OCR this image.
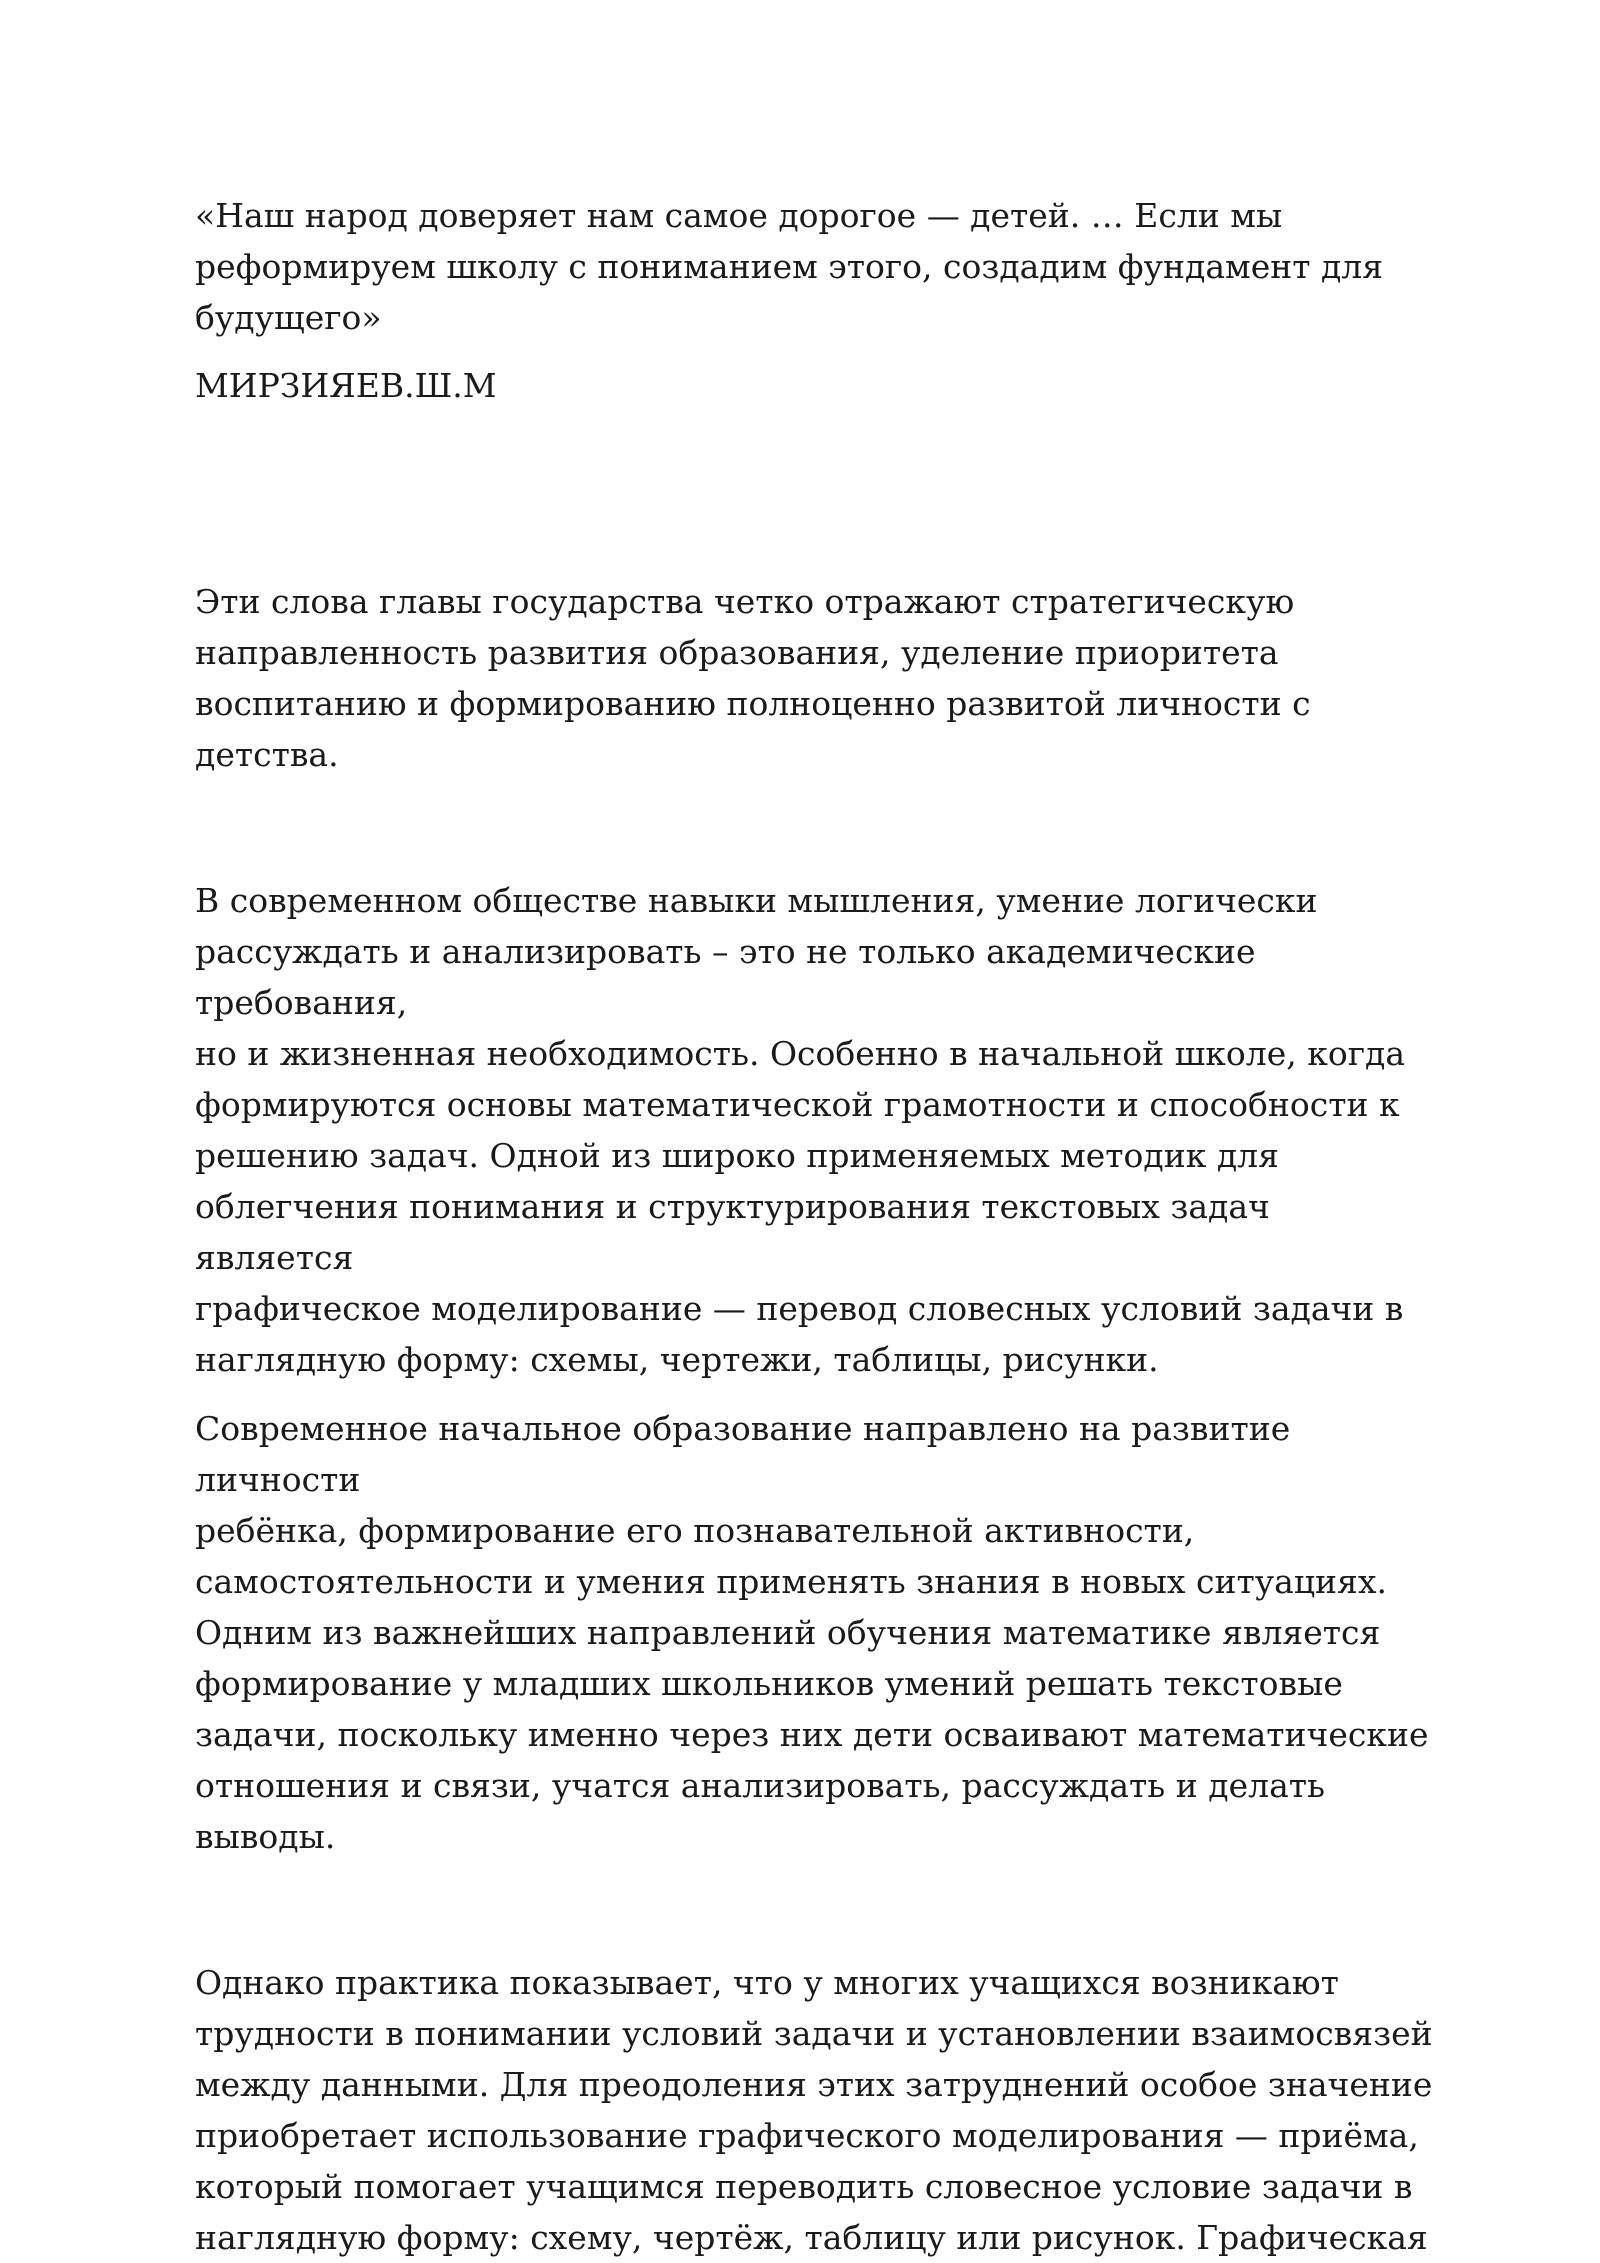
«Наш народ доверяет нам самое дорогое — детей. … Если мы
реформируем школу с пониманием этого, создадим фундамент для
будущего»

МИРЗИЯЕВ.Ш.М

Эти слова главы государства четко отражают стратегическую
направленность развития образования, уделение приоритета
воспитанию и формированию полноценно развитой личности с детства.

В современном обществе навыки мышления, умение логически
рассуждать и анализировать – это не только академические требования,
но и жизненная необходимость. Особенно в начальной школе, когда
формируются основы математической грамотности и способности к
решению задач. Одной из широко применяемых методик для
облегчения понимания и структурирования текстовых задач является
графическое моделирование — перевод словесных условий задачи в
наглядную форму: схемы, чертежи, таблицы, рисунки.

Современное начальное образование направлено на развитие личности
ребёнка, формирование его познавательной активности,
самостоятельности и умения применять знания в новых ситуациях.
Одним из важнейших направлений обучения математике является
формирование у младших школьников умений решать текстовые
задачи, поскольку именно через них дети осваивают математические
отношения и связи, учатся анализировать, рассуждать и делать выводы.

Однако практика показывает, что у многих учащихся возникают
трудности в понимании условий задачи и установлении взаимосвязей
между данными. Для преодоления этих затруднений особое значение
приобретает использование графического моделирования — приёма,
который помогает учащимся переводить словесное условие задачи в
наглядную форму: схему, чертёж, таблицу или рисунок. Графическая
